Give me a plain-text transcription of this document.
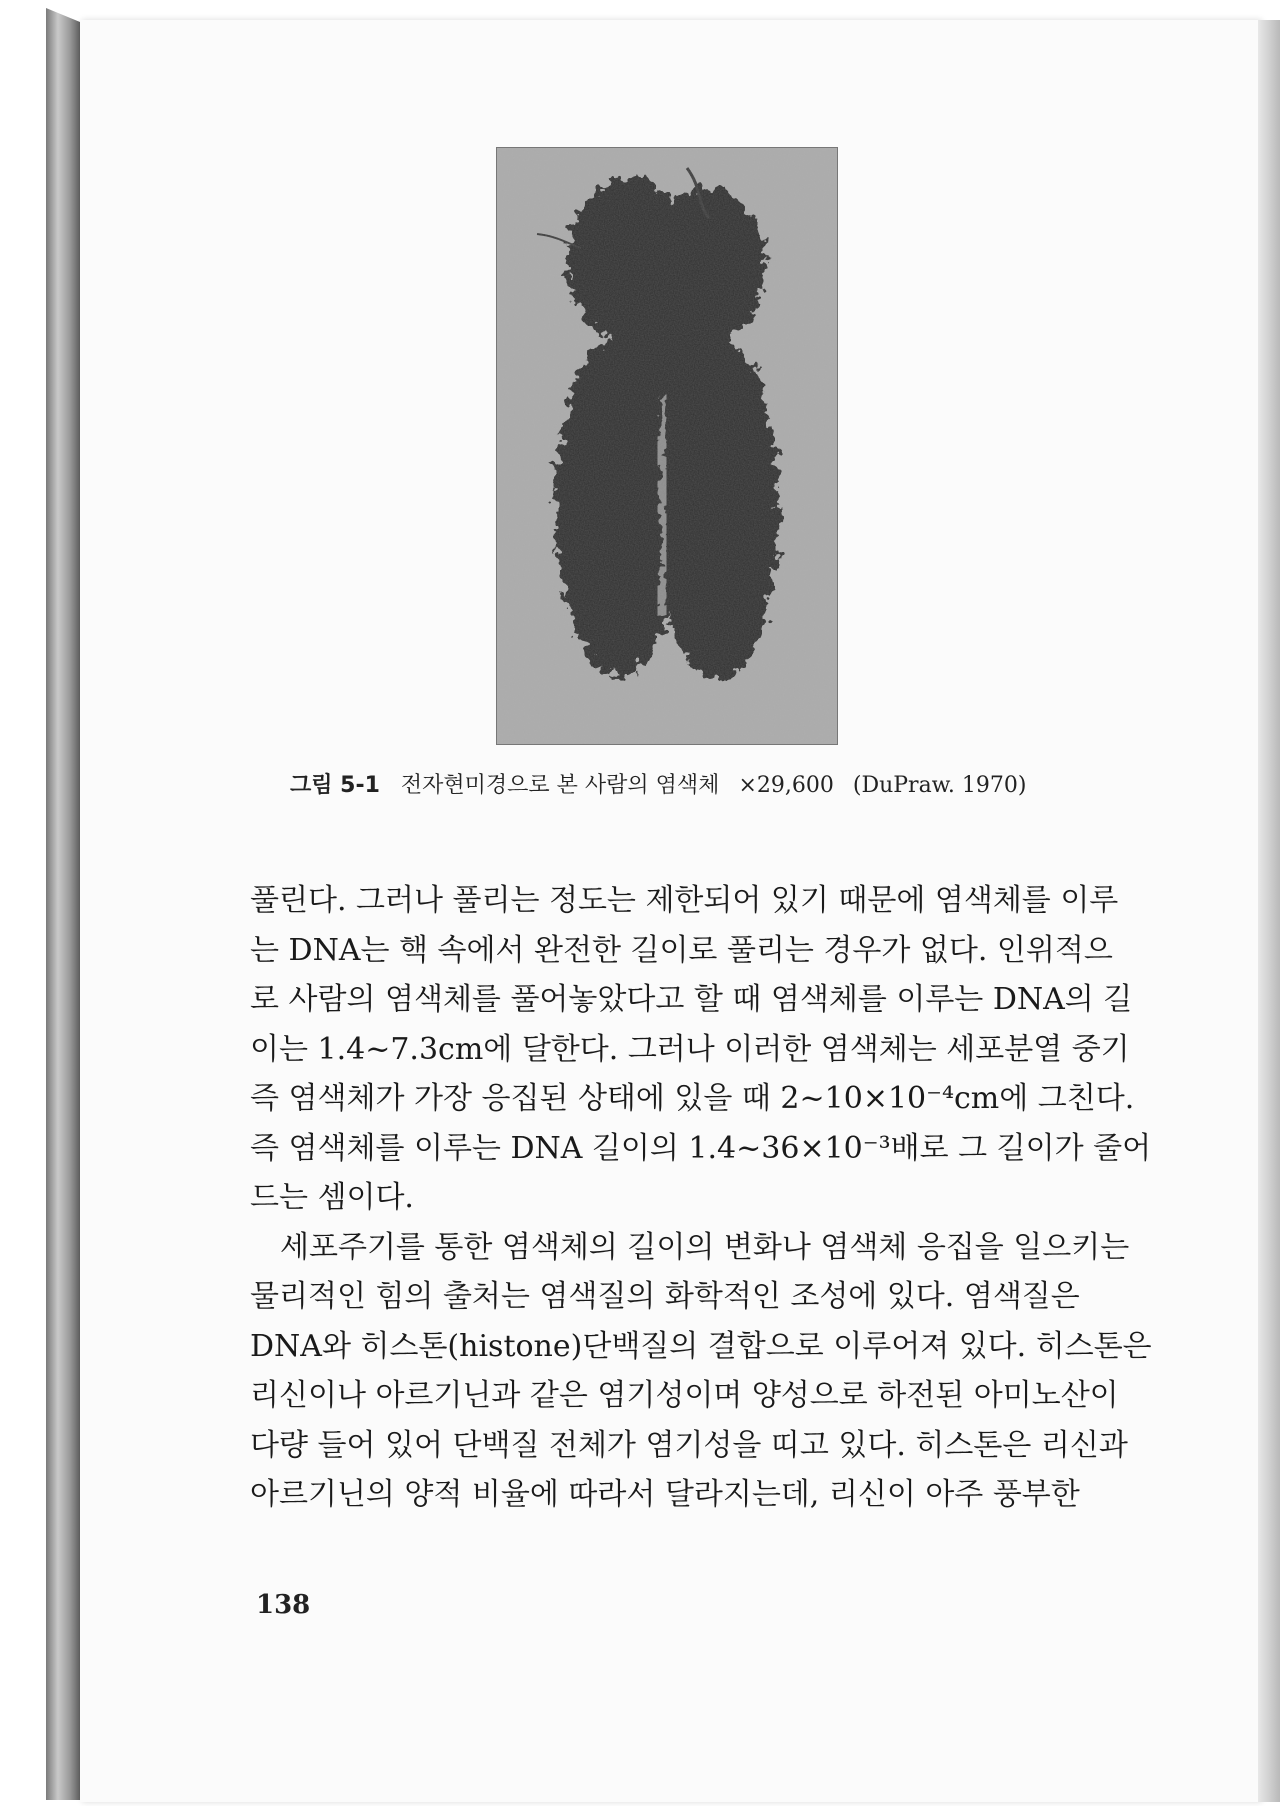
그림 5-1 전자현미경으로 본 사람의 염색체 ×29,600 (DuPraw. 1970)

풀린다. 그러나 풀리는 정도는 제한되어 있기 때문에 염색체를 이루
는 DNA는 핵 속에서 완전한 길이로 풀리는 경우가 없다. 인위적으
로 사람의 염색체를 풀어놓았다고 할 때 염색체를 이루는 DNA의 길
이는 1.4~7.3cm에 달한다. 그러나 이러한 염색체는 세포분열 중기
즉 염색체가 가장 응집된 상태에 있을 때 2~10×10⁻⁴cm에 그친다.
즉 염색체를 이루는 DNA 길이의 1.4~36×10⁻³배로 그 길이가 줄어
드는 셈이다.

세포주기를 통한 염색체의 길이의 변화나 염색체 응집을 일으키는
물리적인 힘의 출처는 염색질의 화학적인 조성에 있다. 염색질은
DNA와 히스톤(histone)단백질의 결합으로 이루어져 있다. 히스톤은
리신이나 아르기닌과 같은 염기성이며 양성으로 하전된 아미노산이
다량 들어 있어 단백질 전체가 염기성을 띠고 있다. 히스톤은 리신과
아르기닌의 양적 비율에 따라서 달라지는데, 리신이 아주 풍부한

138
